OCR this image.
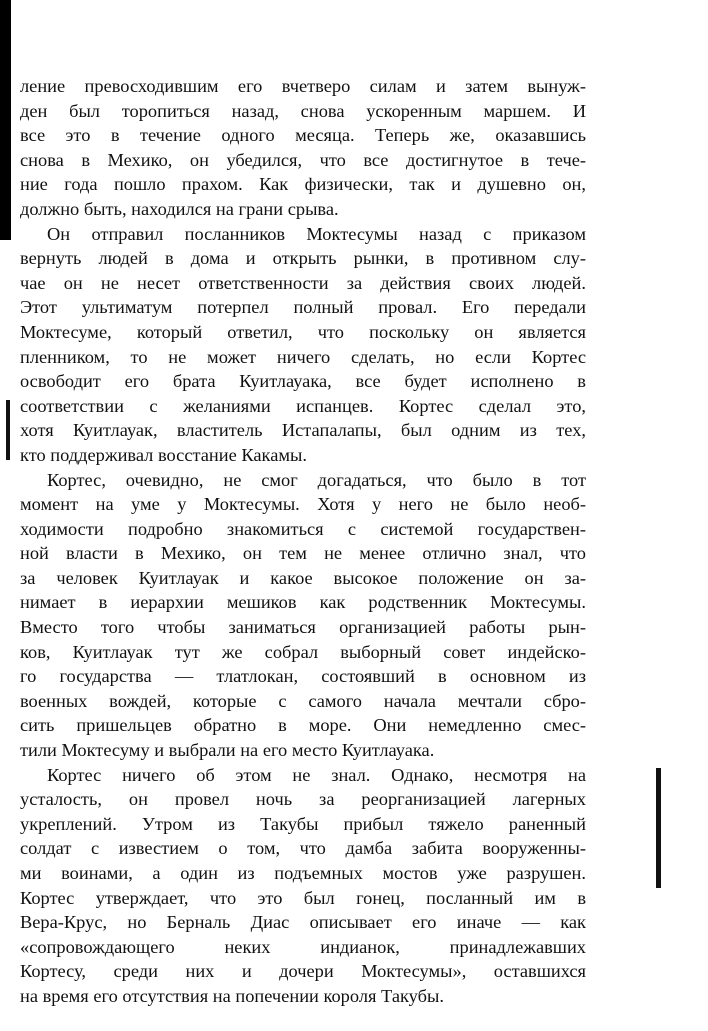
ление превосходившим его вчетверо силам и затем вынуж-
ден был торопиться назад, снова ускоренным маршем. И
все это в течение одного месяца. Теперь же, оказавшись
снова в Мехико, он убедился, что все достигнутое в тече-
ние года пошло прахом. Как физически, так и душевно он,
должно быть, находился на грани срыва.

Он отправил посланников Моктесумы назад с приказом
вернуть людей в дома и открыть рынки, в противном слу-
чае он не несет ответственности за действия своих людей.
Этот ультиматум потерпел полный провал. Его передали
Моктесуме, который ответил, что поскольку он является
пленником, то не может ничего сделать, но если Кортес
освободит его брата Куитлауака, все будет исполнено в
соответствии с желаниями испанцев. Кортес сделал это,
хотя Куитлауак, властитель Истапалапы, был одним из тех,
кто поддерживал восстание Какамы.

Кортес, очевидно, не смог догадаться, что было в тот
момент на уме у Моктесумы. Хотя у него не было необ-
ходимости подробно знакомиться с системой государствен-
ной власти в Мехико, он тем не менее отлично знал, что
за человек Куитлауак и какое высокое положение он за-
нимает в иерархии мешиков как родственник Моктесумы.
Вместо того чтобы заниматься организацией работы рын-
ков, Куитлауак тут же собрал выборный совет индейско-
го государства — тлатлокан, состоявший в основном из
военных вождей, которые с самого начала мечтали сбро-
сить пришельцев обратно в море. Они немедленно смес-
тили Моктесуму и выбрали на его место Куитлауака.

Кортес ничего об этом не знал. Однако, несмотря на
усталость, он провел ночь за реорганизацией лагерных
укреплений. Утром из Такубы прибыл тяжело раненный
солдат с известием о том, что дамба забита вооруженны-
ми воинами, а один из подъемных мостов уже разрушен.
Кортес утверждает, что это был гонец, посланный им в
Вера-Крус, но Берналь Диас описывает его иначе — как
«сопровождающего неких индианок, принадлежавших
Кортесу, среди них и дочери Моктесумы», оставшихся
на время его отсутствия на попечении короля Такубы.
